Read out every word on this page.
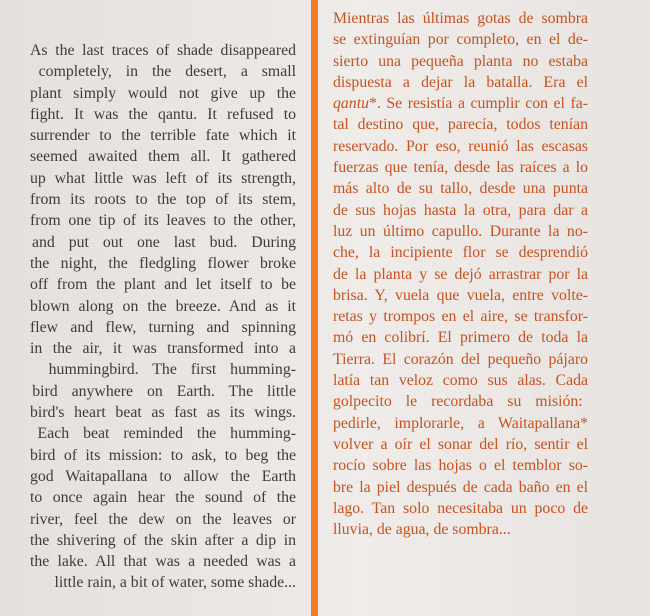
As the last traces of shade disappeared
completely, in the desert, a small
plant simply would not give up the
fight. It was the qantu. It refused to
surrender to the terrible fate which it
seemed awaited them all. It gathered
up what little was left of its strength,
from its roots to the top of its stem,
from one tip of its leaves to the other,
and put out one last bud. During
the night, the fledgling flower broke
off from the plant and let itself to be
blown along on the breeze. And as it
flew and flew, turning and spinning
in the air, it was transformed into a
hummingbird. The first humming-
bird anywhere on Earth. The little
bird's heart beat as fast as its wings.
Each beat reminded the humming-
bird of its mission: to ask, to beg the
god Waitapallana to allow the Earth
to once again hear the sound of the
river, feel the dew on the leaves or
the shivering of the skin after a dip in
the lake. All that was a needed was a
little rain, a bit of water, some shade...
Mientras las últimas gotas de sombra
se extinguían por completo, en el de-
sierto una pequeña planta no estaba
dispuesta a dejar la batalla. Era el
qantu*. Se resistía a cumplir con el fa-
tal destino que, parecía, todos tenían
reservado. Por eso, reunió las escasas
fuerzas que tenía, desde las raíces a lo
más alto de su tallo, desde una punta
de sus hojas hasta la otra, para dar a
luz un último capullo. Durante la no-
che, la incipiente flor se desprendió
de la planta y se dejó arrastrar por la
brisa. Y, vuela que vuela, entre volte-
retas y trompos en el aire, se transfor-
mó en colibrí. El primero de toda la
Tierra. El corazón del pequeño pájaro
latía tan veloz como sus alas. Cada
golpecito le recordaba su misión:
pedirle, implorarle, a Waitapallana*
volver a oír el sonar del río, sentir el
rocío sobre las hojas o el temblor so-
bre la piel después de cada baño en el
lago. Tan solo necesitaba un poco de
lluvia, de agua, de sombra...
